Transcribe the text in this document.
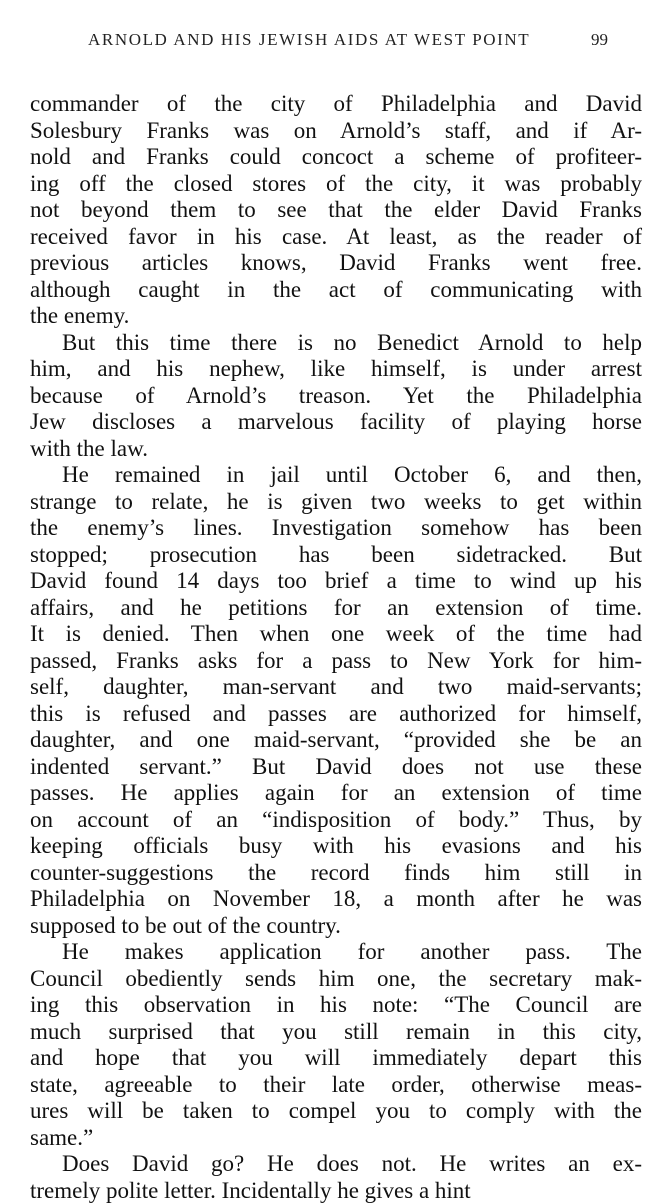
ARNOLD AND HIS JEWISH AIDS AT WEST POINT	99
commander of the city of Philadelphia and David
Solesbury Franks was on Arnold’s staff, and if Ar-
nold and Franks could concoct a scheme of profiteer-
ing off the closed stores of the city, it was probably
not beyond them to see that the elder David Franks
received favor in his case. At least, as the reader of
previous articles knows, David Franks went free.
although caught in the act of communicating with
the enemy.
But this time there is no Benedict Arnold to help
him, and his nephew, like himself, is under arrest
because of Arnold’s treason. Yet the Philadelphia
Jew discloses a marvelous facility of playing horse
with the law.
He remained in jail until October 6, and then,
strange to relate, he is given two weeks to get within
the enemy’s lines. Investigation somehow has been
stopped; prosecution has been sidetracked. But
David found 14 days too brief a time to wind up his
affairs, and he petitions for an extension of time.
It is denied. Then when one week of the time had
passed, Franks asks for a pass to New York for him-
self, daughter, man-servant and two maid-servants;
this is refused and passes are authorized for himself,
daughter, and one maid-servant, “provided she be an
indented servant.” But David does not use these
passes. He applies again for an extension of time
on account of an “indisposition of body.” Thus, by
keeping officials busy with his evasions and his
counter-suggestions the record finds him still in
Philadelphia on November 18, a month after he was
supposed to be out of the country.
He makes application for another pass. The
Council obediently sends him one, the secretary mak-
ing this observation in his note: “The Council are
much surprised that you still remain in this city,
and hope that you will immediately depart this
state, agreeable to their late order, otherwise meas-
ures will be taken to compel you to comply with the
same.”
Does David go? He does not. He writes an ex-
tremely polite letter. Incidentally he gives a hint
